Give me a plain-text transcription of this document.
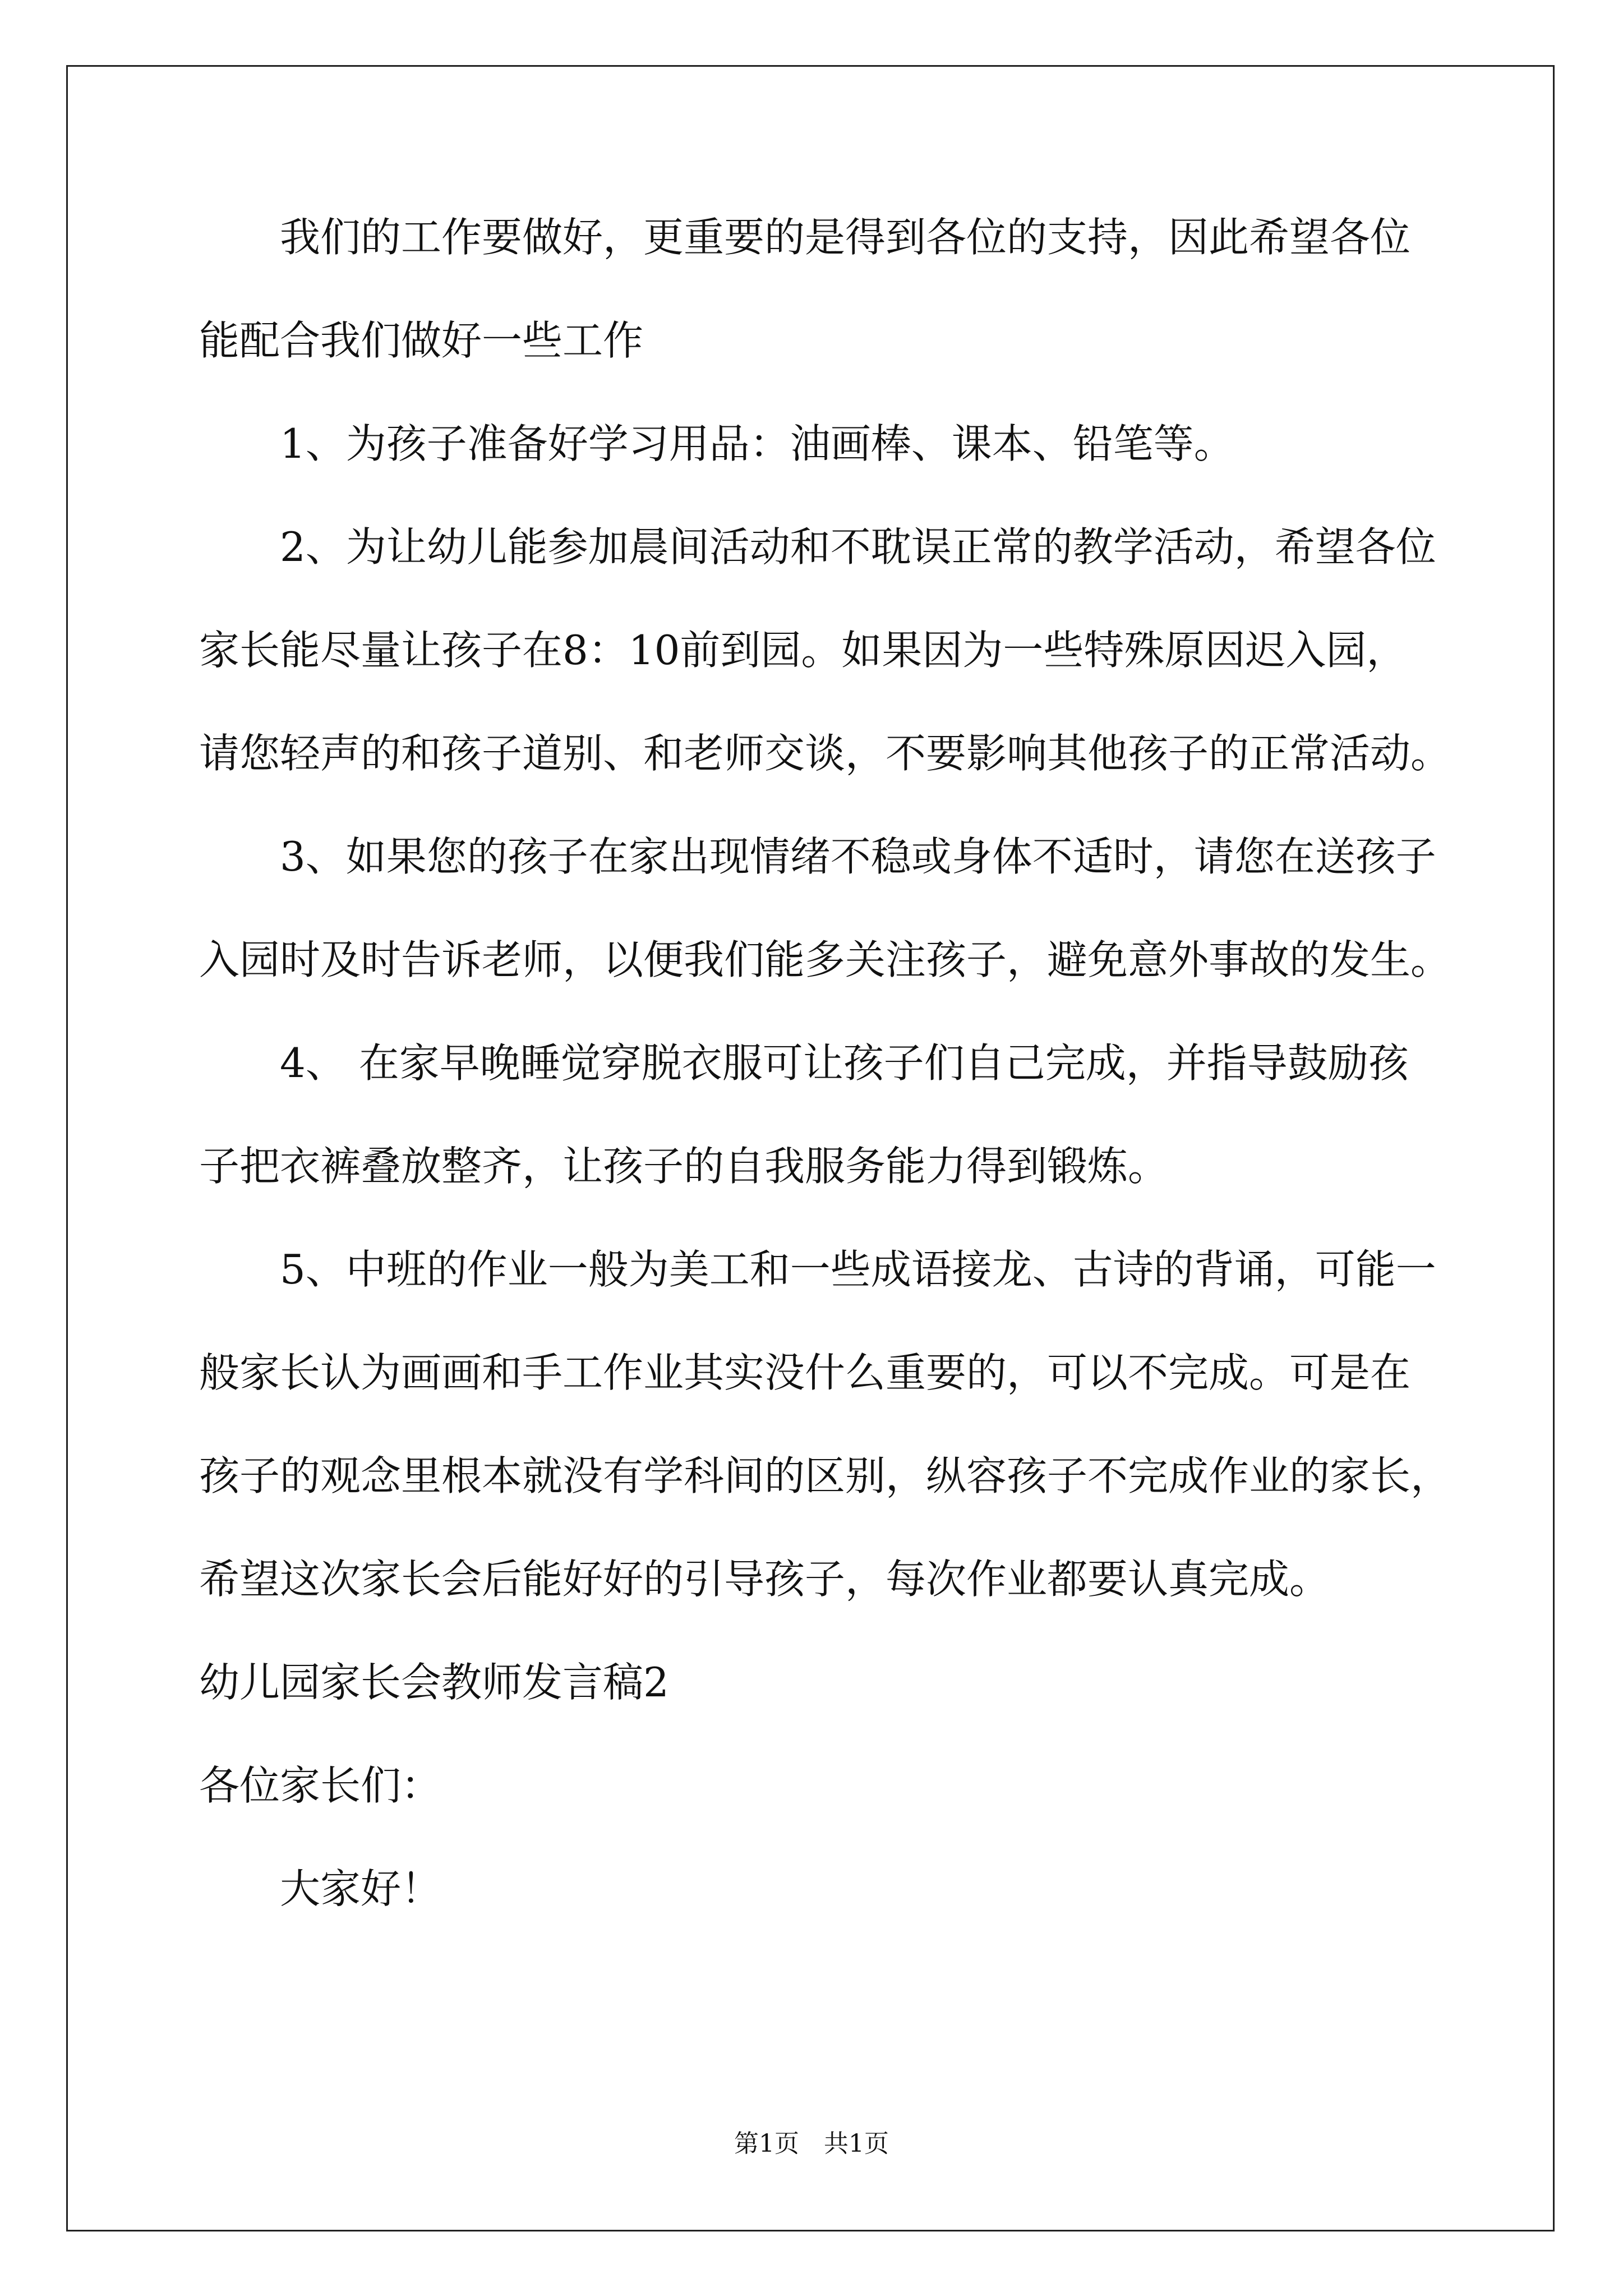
我们的工作要做好，更重要的是得到各位的支持，因此希望各位
能配合我们做好一些工作
1、为孩子准备好学习用品：油画棒、课本、铅笔等。
2、为让幼儿能参加晨间活动和不耽误正常的教学活动，希望各位
家长能尽量让孩子在8：10前到园。如果因为一些特殊原因迟入园，
请您轻声的和孩子道别、和老师交谈，不要影响其他孩子的正常活动。
3、如果您的孩子在家出现情绪不稳或身体不适时，请您在送孩子
入园时及时告诉老师，以便我们能多关注孩子，避免意外事故的发生。
4、 在家早晚睡觉穿脱衣服可让孩子们自己完成，并指导鼓励孩
子把衣裤叠放整齐，让孩子的自我服务能力得到锻炼。
5、中班的作业一般为美工和一些成语接龙、古诗的背诵，可能一
般家长认为画画和手工作业其实没什么重要的，可以不完成。可是在
孩子的观念里根本就没有学科间的区别，纵容孩子不完成作业的家长，
希望这次家长会后能好好的引导孩子，每次作业都要认真完成。
幼儿园家长会教师发言稿2
各位家长们：
大家好！
第1页 共1页
